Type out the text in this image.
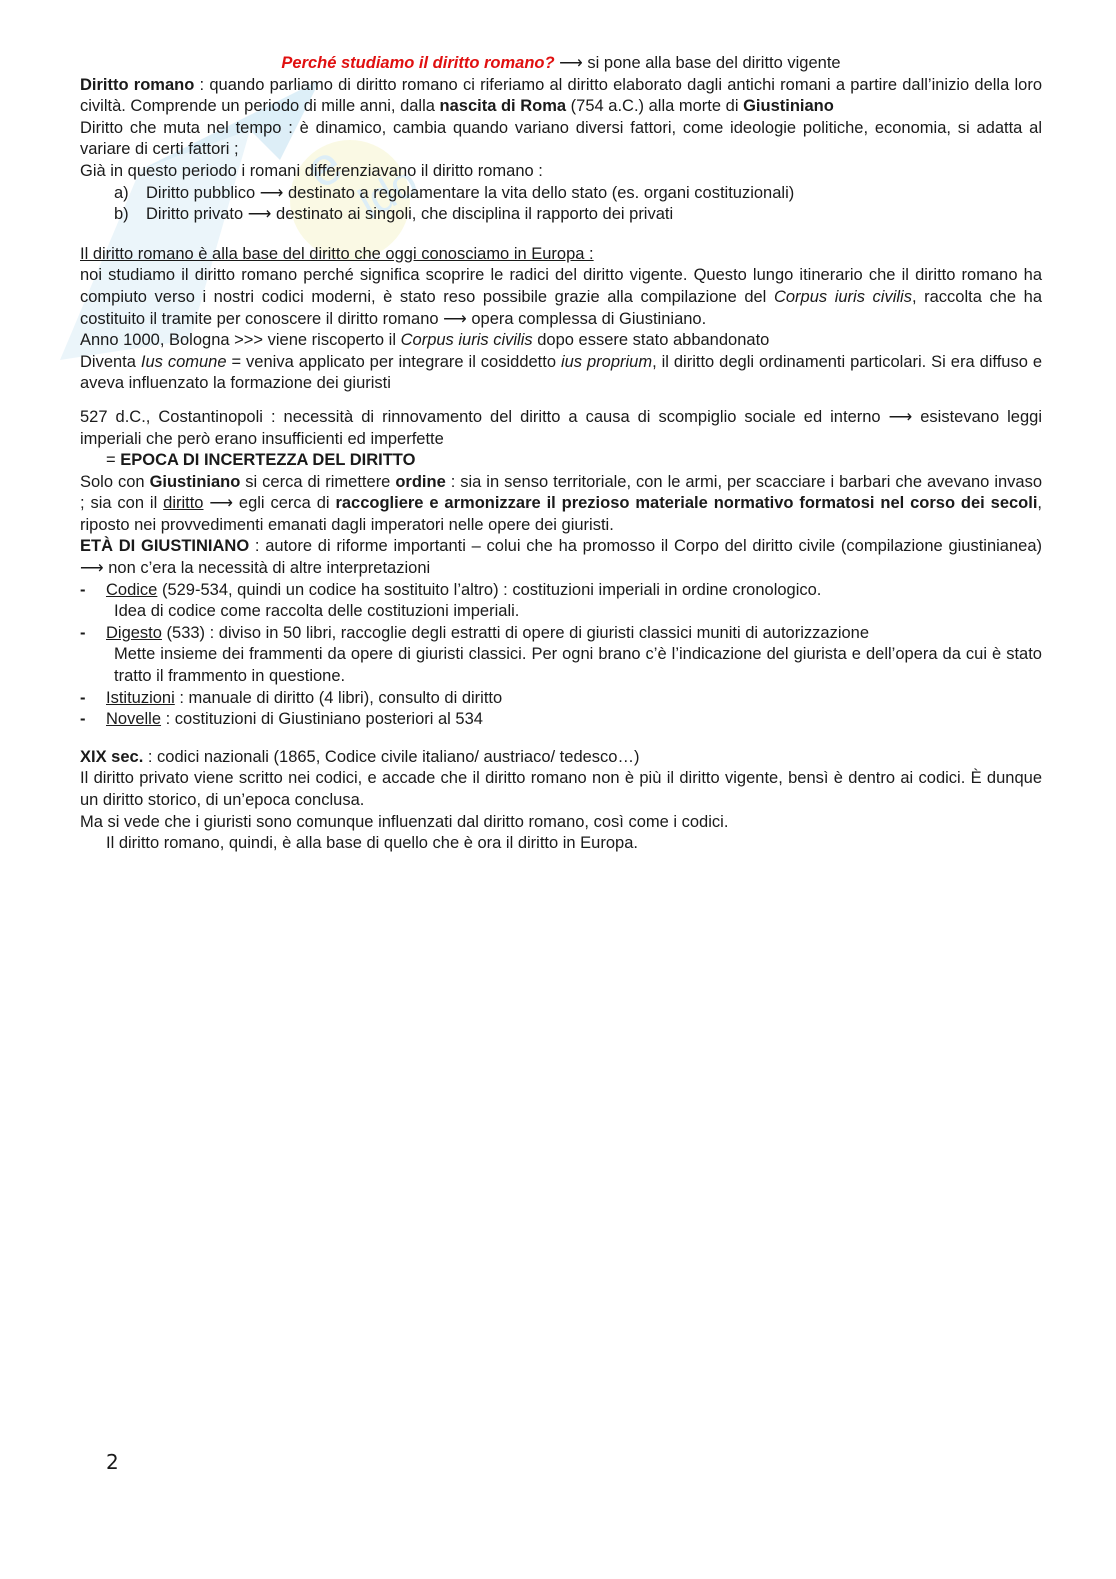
e
ldo

Perché studiamo il diritto romano? ⟶ si pone alla base del diritto vigente

Diritto romano : quando parliamo di diritto romano ci riferiamo al diritto elaborato dagli antichi romani a partire dall’inizio della loro civiltà. Comprende un periodo di mille anni, dalla nascita di Roma (754 a.C.) alla morte di Giustiniano

Diritto che muta nel tempo : è dinamico, cambia quando variano diversi fattori, come ideologie politiche, economia, si adatta al variare di certi fattori ;

Già in questo periodo i romani differenziavano il diritto romano :

a)	Diritto pubblico ⟶ destinato a regolamentare la vita dello stato (es. organi costituzionali)
b)	Diritto privato ⟶ destinato ai singoli, che disciplina il rapporto dei privati

Il diritto romano è alla base del diritto che oggi conosciamo in Europa :

noi studiamo il diritto romano perché significa scoprire le radici del diritto vigente. Questo lungo itinerario che il diritto romano ha compiuto verso i nostri codici moderni, è stato reso possibile grazie alla compilazione del Corpus iuris civilis, raccolta che ha costituito il tramite per conoscere il diritto romano ⟶ opera complessa di Giustiniano.

Anno 1000, Bologna >>> viene riscoperto il Corpus iuris civilis dopo essere stato abbandonato

Diventa Ius comune = veniva applicato per integrare il cosiddetto ius proprium, il diritto degli ordinamenti particolari. Si era diffuso e aveva influenzato la formazione dei giuristi

527 d.C., Costantinopoli : necessità di rinnovamento del diritto a causa di scompiglio sociale ed interno ⟶ esistevano leggi imperiali che però erano insufficienti ed imperfette

= EPOCA DI INCERTEZZA DEL DIRITTO

Solo con Giustiniano si cerca di rimettere ordine : sia in senso territoriale, con le armi, per scacciare i barbari che avevano invaso ; sia con il diritto ⟶ egli cerca di raccogliere e armonizzare il prezioso materiale normativo formatosi nel corso dei secoli, riposto nei provvedimenti emanati dagli imperatori nelle opere dei giuristi.

ETÀ DI GIUSTINIANO : autore di riforme importanti – colui che ha promosso il Corpo del diritto civile (compilazione giustinianea) ⟶ non c’era la necessità di altre interpretazioni

-	Codice (529-534, quindi un codice ha sostituito l’altro) : costituzioni imperiali in ordine cronologico.

Idea di codice come raccolta delle costituzioni imperiali.

-	Digesto (533) : diviso in 50 libri, raccoglie degli estratti di opere di giuristi classici muniti di autorizzazione

Mette insieme dei frammenti da opere di giuristi classici. Per ogni brano c’è l’indicazione del giurista e dell’opera da cui è stato tratto il frammento in questione.

-	Istituzioni : manuale di diritto (4 libri), consulto di diritto
-	Novelle : costituzioni di Giustiniano posteriori al 534

XIX sec. : codici nazionali (1865, Codice civile italiano/ austriaco/ tedesco…)

Il diritto privato viene scritto nei codici, e accade che il diritto romano non è più il diritto vigente, bensì è dentro ai codici. È dunque un diritto storico, di un’epoca conclusa.

Ma si vede che i giuristi sono comunque influenzati dal diritto romano, così come i codici.

Il diritto romano, quindi, è alla base di quello che è ora il diritto in Europa.

2
